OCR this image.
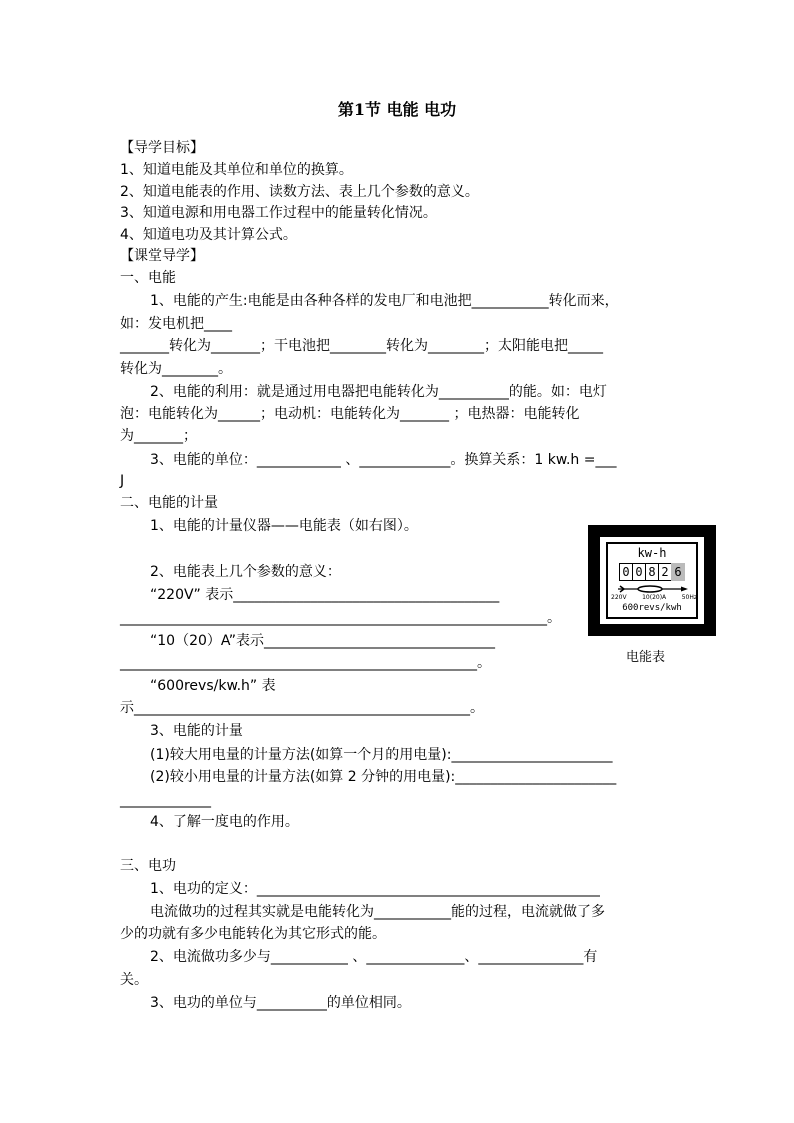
第1节 电能 电功
【导学目标】
1、知道电能及其单位和单位的换算。
2、知道电能表的作用、读数方法、表上几个参数的意义。
3、知道电源和用电器工作过程中的能量转化情况。
4、知道电功及其计算公式。
【课堂导学】
一、电能
1、电能的产生:电能是由各种各样的发电厂和电池把___________转化而来，
如：发电机把____
_______转化为_______；干电池把________转化为________；太阳能电把_____
转化为________。
2、电能的利用：就是通过用电器把电能转化为__________的能。如：电灯
泡：电能转化为______；电动机：电能转化为_______ ；电热器：电能转化
为_______；
3、电能的单位：____________ 、_____________。换算关系：1 kw.h =___
J
二、电能的计量
1、电能的计量仪器——电能表（如右图）。
2、电能表上几个参数的意义：
“220V” 表示______________________________________
_____________________________________________________________。
“10（20）A”表示_________________________________
___________________________________________________。
“600revs/kw.h” 表
示________________________________________________。
3、电能的计量
(1)较大用电量的计量方法(如算一个月的用电量):_______________________
(2)较小用电量的计量方法(如算 2 分钟的用电量):_______________________
_____________
4、了解一度电的作用。
三、电功
1、电功的定义：_________________________________________________
电流做功的过程其实就是电能转化为___________能的过程，电流就做了多
少的功就有多少电能转化为其它形式的能。
2、电流做功多少与___________ 、______________、_______________有
关。
3、电功的单位与__________的单位相同。
kw-h
0 0 8 2 6
220V	10(20)A	50Hz
600revs/kwh
电能表
